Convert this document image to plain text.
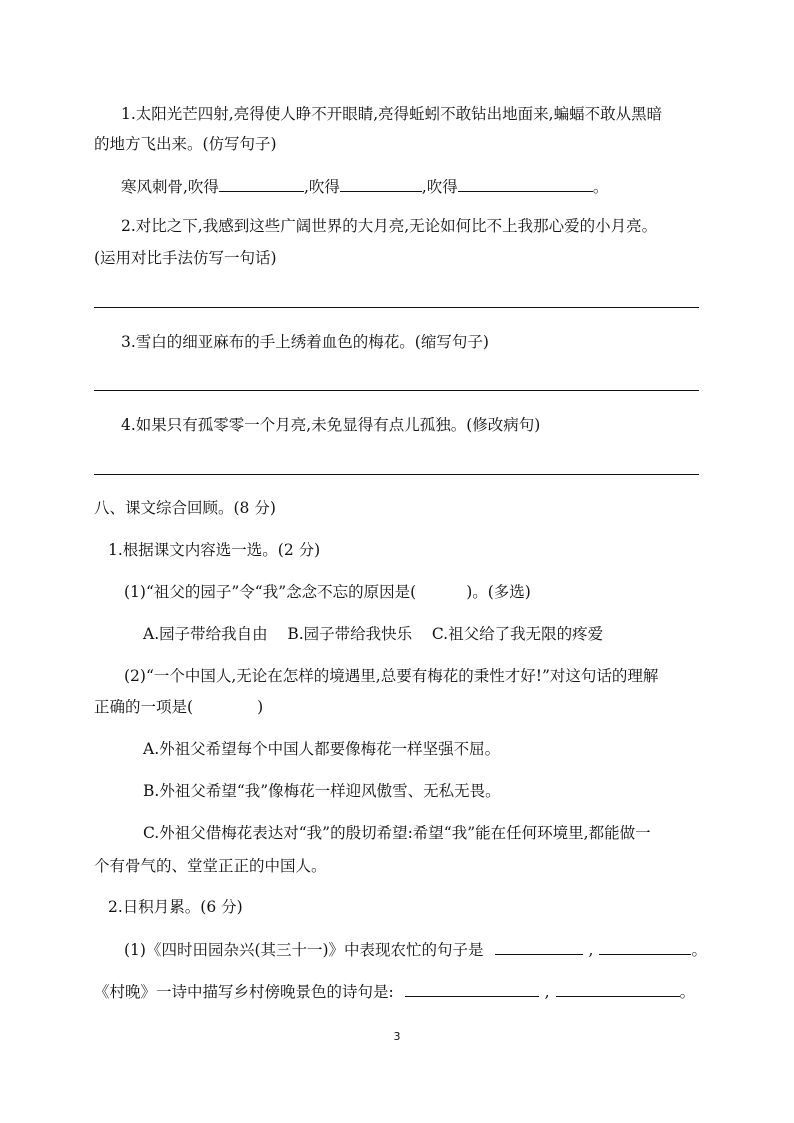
1.太阳光芒四射,亮得使人睁不开眼睛,亮得蚯蚓不敢钻出地面来,蝙蝠不敢从黑暗
的地方飞出来。(仿写句子)
寒风刺骨,吹得	,吹得	,吹得	。
2.对比之下,我感到这些广阔世界的大月亮,无论如何比不上我那心爱的小月亮。
(运用对比手法仿写一句话)
3.雪白的细亚麻布的手上绣着血色的梅花。(缩写句子)
4.如果只有孤零零一个月亮,未免显得有点儿孤独。(修改病句)
八、课文综合回顾。(8 分)
1.根据课文内容选一选。(2 分)
(1)“祖父的园子”令“我”念念不忘的原因是(	)。(多选)
A.园子带给我自由    B.园子带给我快乐    C.祖父给了我无限的疼爱
(2)“一个中国人,无论在怎样的境遇里,总要有梅花的秉性才好!”对这句话的理解
正确的一项是(	)
A.外祖父希望每个中国人都要像梅花一样坚强不屈。
B.外祖父希望“我”像梅花一样迎风傲雪、无私无畏。
C.外祖父借梅花表达对“我”的殷切希望:希望“我”能在任何环境里,都能做一
个有骨气的、堂堂正正的中国人。
2.日积月累。(6 分)
(1)《四时田园杂兴(其三十一)》中表现农忙的句子是	,	。
《村晚》一诗中描写乡村傍晚景色的诗句是:	,	。
3
